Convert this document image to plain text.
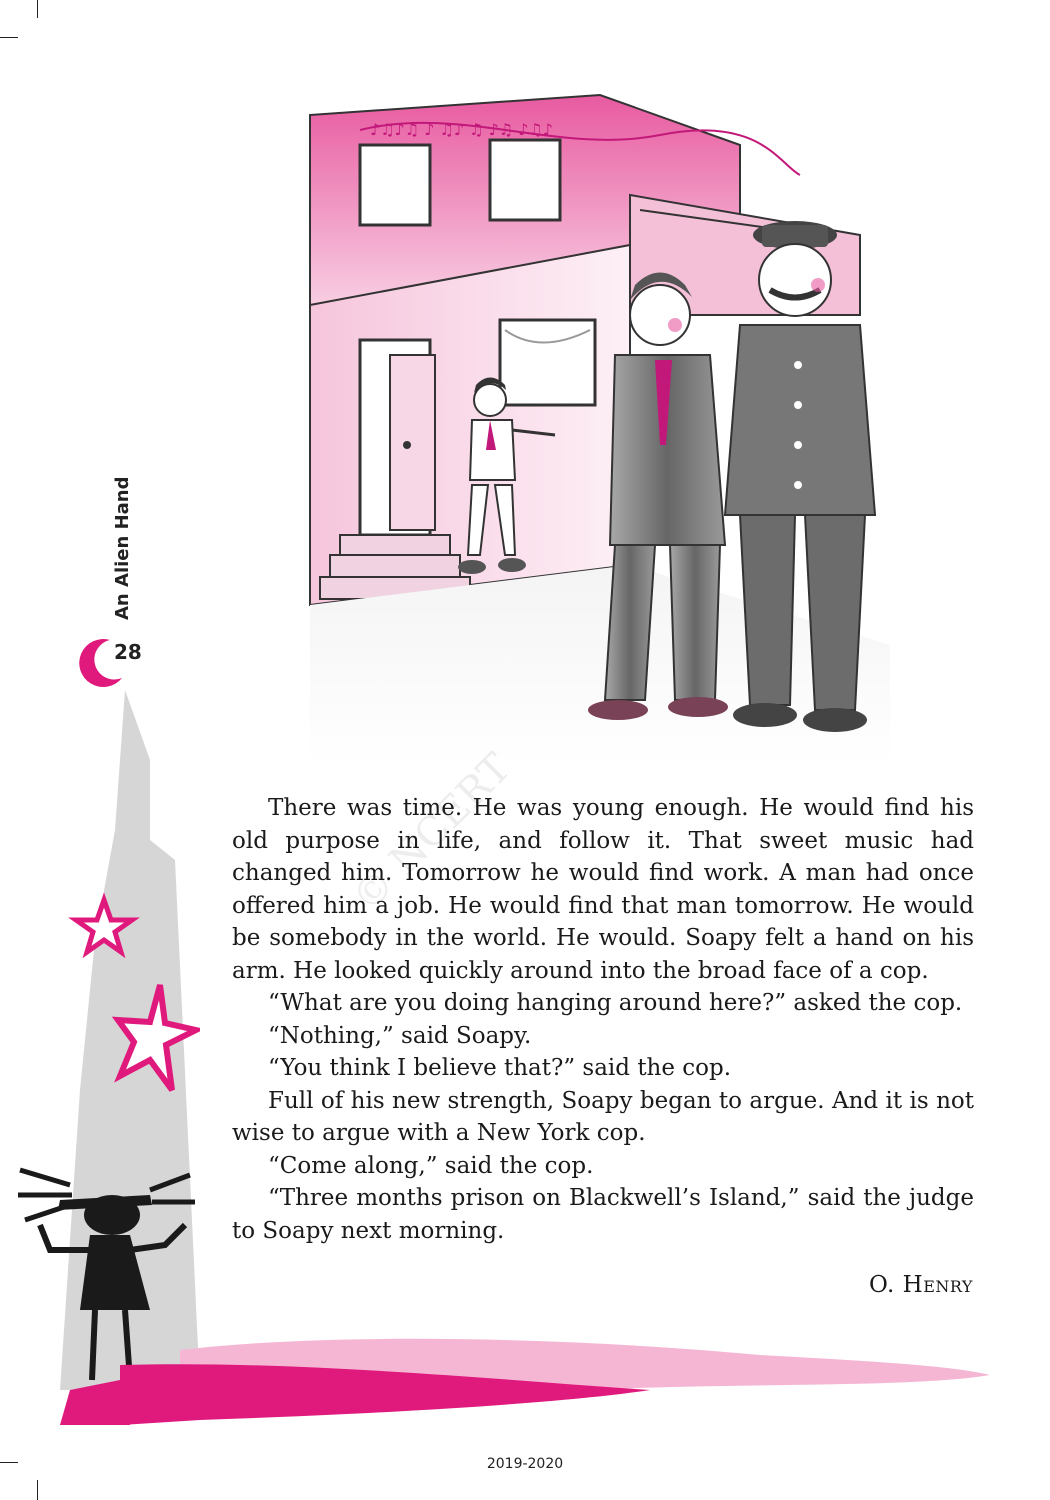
♪♫♪♫ ♪ ♫♪ ♫ ♪♫ ♪♫♪
An Alien Hand
28
© NCERT

There was time. He was young enough. He would find his old purpose in life, and follow it. That sweet music had changed him. Tomorrow he would find work. A man had once offered him a job. He would find that man tomorrow. He would be somebody in the world. He would. Soapy felt a hand on his arm. He looked quickly around into the broad face of a cop.

“What are you doing hanging around here?” asked the cop.

“Nothing,” said Soapy.

“You think I believe that?” said the cop.

Full of his new strength, Soapy began to argue. And it is not wise to argue with a New York cop.

“Come along,” said the cop.

“Three months prison on Blackwell’s Island,” said the judge to Soapy next morning.

O. Henry
2019-2020
